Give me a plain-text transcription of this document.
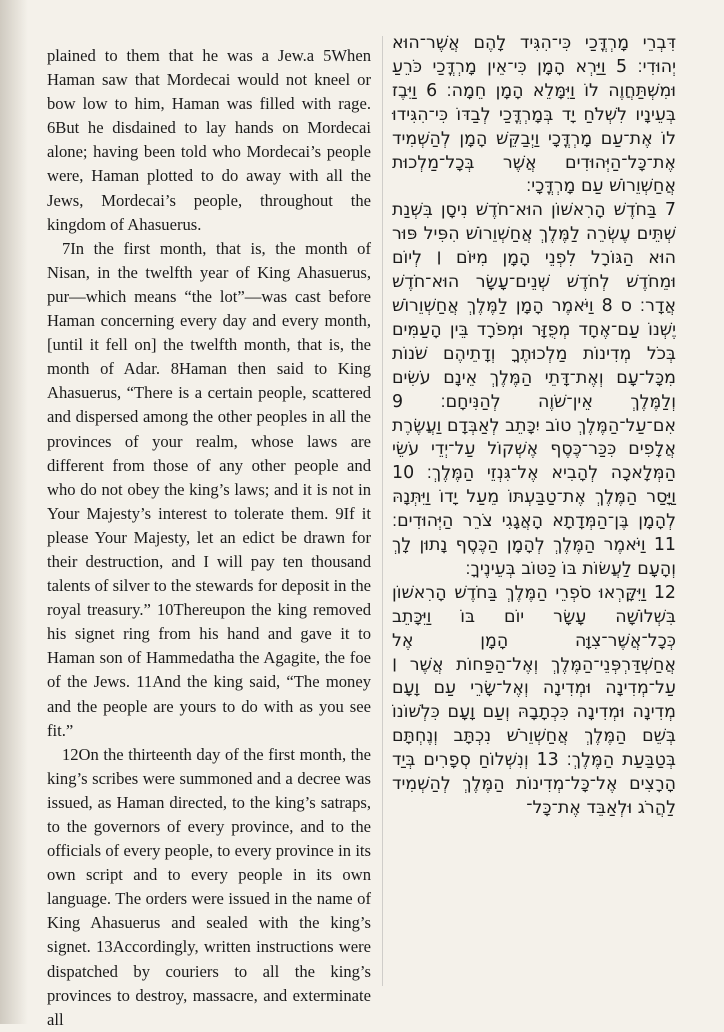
plained to them that he was a Jew.a 5When Haman saw that Mordecai would not kneel or bow low to him, Haman was filled with rage. 6But he disdained to lay hands on Mordecai alone; having been told who Mordecai’s people were, Haman plotted to do away with all the Jews, Mordecai’s people, throughout the kingdom of Ahasuerus.

7In the first month, that is, the month of Nisan, in the twelfth year of King Ahasuerus, pur—which means “the lot”—was cast before Haman concerning every day and every month, [until it fell on] the twelfth month, that is, the month of Adar. 8Haman then said to King Ahasuerus, “There is a certain people, scattered and dispersed among the other peoples in all the provinces of your realm, whose laws are different from those of any other people and who do not obey the king’s laws; and it is not in Your Majesty’s interest to tolerate them. 9If it please Your Majesty, let an edict be drawn for their destruction, and I will pay ten thousand talents of silver to the stewards for deposit in the royal treasury.” 10Thereupon the king removed his signet ring from his hand and gave it to Haman son of Hammedatha the Agagite, the foe of the Jews. 11And the king said, “The money and the people are yours to do with as you see fit.”

12On the thirteenth day of the first month, the king’s scribes were summoned and a decree was issued, as Haman directed, to the king’s satraps, to the governors of every province, and to the officials of every people, to every province in its own script and to every people in its own language. The orders were issued in the name of King Ahasuerus and sealed with the king’s signet. 13Accordingly, written instructions were dispatched by couriers to all the king’s provinces to destroy, massacre, and exterminate all

דִּבְרֵי מָרְדֳּכַי כִּי־הִגִּיד לָהֶם אֲשֶׁר־הוּא יְהוּדִי׃ 5 וַיַּרְא הָמָן כִּי־אֵין מָרְדֳּכַי כֹּרֵעַ וּמִשְׁתַּחֲוֶה לוֹ וַיִּמָּלֵא הָמָן חֵמָה׃ 6 וַיִּבֶז בְּעֵינָיו לִשְׁלֹחַ יָד בְּמָרְדֳּכַי לְבַדּוֹ כִּי־הִגִּידוּ לוֹ אֶת־עַם מָרְדֳּכָי וַיְבַקֵּשׁ הָמָן לְהַשְׁמִיד אֶת־כָּל־הַיְּהוּדִים אֲשֶׁר בְּכָל־מַלְכוּת אֲחַשְׁוֵרוֹשׁ עַם מָרְדֳּכָי׃

7 בַּחֹדֶשׁ הָרִאשׁוֹן הוּא־חֹדֶשׁ נִיסָן בִּשְׁנַת שְׁתֵּים עֶשְׂרֵה לַמֶּלֶךְ אֲחַשְׁוֵרוֹשׁ הִפִּיל פּוּר הוּא הַגּוֹרָל לִפְנֵי הָמָן מִיּוֹם ׀ לְיוֹם וּמֵחֹדֶשׁ לְחֹדֶשׁ שְׁנֵים־עָשָׂר הוּא־חֹדֶשׁ אֲדָר׃ ס 8 וַיֹּאמֶר הָמָן לַמֶּלֶךְ אֲחַשְׁוֵרוֹשׁ יֶשְׁנוֹ עַם־אֶחָד מְפֻזָּר וּמְפֹרָד בֵּין הָעַמִּים בְּכֹל מְדִינוֹת מַלְכוּתֶךָ וְדָתֵיהֶם שֹׁנוֹת מִכָּל־עָם וְאֶת־דָּתֵי הַמֶּלֶךְ אֵינָם עֹשִׂים וְלַמֶּלֶךְ אֵין־שֹׁוֶה לְהַנִּיחָם׃ 9 אִם־עַל־הַמֶּלֶךְ טוֹב יִכָּתֵב לְאַבְּדָם וַעֲשֶׂרֶת אֲלָפִים כִּכַּר־כֶּסֶף אֶשְׁקוֹל עַל־יְדֵי עֹשֵׂי הַמְּלָאכָה לְהָבִיא אֶל־גִּנְזֵי הַמֶּלֶךְ׃ 10 וַיָּסַר הַמֶּלֶךְ אֶת־טַבַּעְתּוֹ מֵעַל יָדוֹ וַיִּתְּנָהּ לְהָמָן בֶּן־הַמְּדָתָא הָאֲגָגִי צֹרֵר הַיְּהוּדִים׃ 11 וַיֹּאמֶר הַמֶּלֶךְ לְהָמָן הַכֶּסֶף נָתוּן לָךְ וְהָעָם לַעֲשׂוֹת בּוֹ כַּטּוֹב בְּעֵינֶיךָ׃

12 וַיִּקָּרְאוּ סֹפְרֵי הַמֶּלֶךְ בַּחֹדֶשׁ הָרִאשׁוֹן בִּשְׁלוֹשָׁה עָשָׂר יוֹם בּוֹ וַיִּכָּתֵב כְּכָל־אֲשֶׁר־צִוָּה הָמָן אֶל אֲחַשְׁדַּרְפְּנֵי־הַמֶּלֶךְ וְאֶל־הַפַּחוֹת אֲשֶׁר ׀ עַל־מְדִינָה וּמְדִינָה וְאֶל־שָׂרֵי עַם וָעָם מְדִינָה וּמְדִינָה כִּכְתָבָהּ וְעַם וָעָם כִּלְשׁוֹנוֹ בְּשֵׁם הַמֶּלֶךְ אֲחַשְׁוֵרֹשׁ נִכְתָּב וְנֶחְתָּם בְּטַבַּעַת הַמֶּלֶךְ׃ 13 וְנִשְׁלוֹחַ סְפָרִים בְּיַד הָרָצִים אֶל־כָּל־מְדִינוֹת הַמֶּלֶךְ לְהַשְׁמִיד לַהֲרֹג וּלְאַבֵּד אֶת־כָּל־
